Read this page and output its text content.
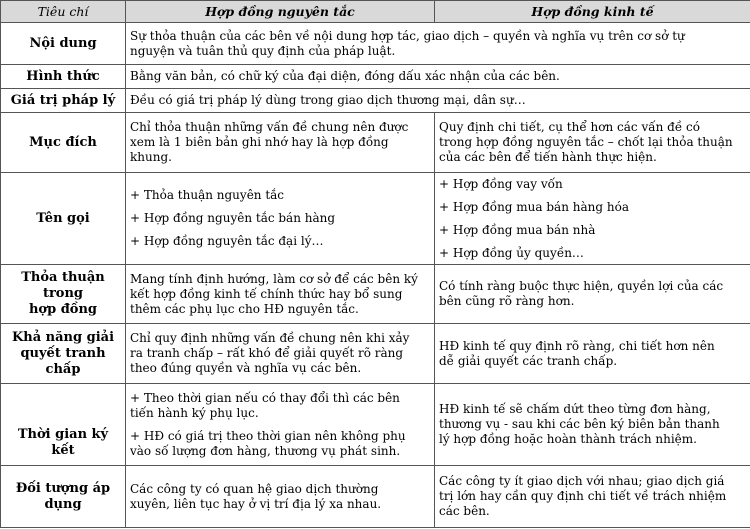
Tiêu chí	Hợp đồng nguyên tắc	Hợp đồng kinh tế
Nội dung	Sự thỏa thuận của các bên về nội dung hợp tác, giao dịch – quyền và nghĩa vụ trên cơ sở tự
nguyện và tuân thủ quy định của pháp luật.	

Hình thức	Bằng văn bản, có chữ ký của đại diện, đóng dấu xác nhận của các bên.	

Giá trị pháp lý	Đều có giá trị pháp lý dùng trong giao dịch thương mại, dân sự…	

Mục đích	Chỉ thỏa thuận những vấn đề chung nên được
xem là 1 biên bản ghi nhớ hay là hợp đồng
khung.	Quy định chi tiết, cụ thể hơn các vấn đề có
trong hợp đồng nguyên tắc – chốt lại thỏa thuận
của các bên để tiến hành thực hiện.

Tên gọi	+ Thỏa thuận nguyên tắc
+ Hợp đồng nguyên tắc bán hàng
+ Hợp đồng nguyên tắc đại lý…	+ Hợp đồng vay vốn
+ Hợp đồng mua bán hàng hóa
+ Hợp đồng mua bán nhà
+ Hợp đồng ủy quyền…

Thỏa thuận trong
hợp đồng	Mang tính định hướng, làm cơ sở để các bên ký
kết hợp đồng kinh tế chính thức hay bổ sung
thêm các phụ lục cho HĐ nguyên tắc.	Có tính ràng buộc thực hiện, quyền lợi của các
bên cũng rõ ràng hơn.

Khả năng giải
quyết tranh chấp	Chỉ quy định những vấn đề chung nên khi xảy
ra tranh chấp – rất khó để giải quyết rõ ràng
theo đúng quyền và nghĩa vụ các bên.	HĐ kinh tế quy định rõ ràng, chi tiết hơn nên
dễ giải quyết các tranh chấp.

Thời gian ký kết	+ Theo thời gian nếu có thay đổi thì các bên
tiến hành ký phụ lục.
+ HĐ có giá trị theo thời gian nên không phụ
vào số lượng đơn hàng, thương vụ phát sinh.	HĐ kinh tế sẽ chấm dứt theo từng đơn hàng,
thương vụ - sau khi các bên ký biên bản thanh
lý hợp đồng hoặc hoàn thành trách nhiệm.

Đối tượng áp
dụng	Các công ty có quan hệ giao dịch thường
xuyên, liên tục hay ở vị trí địa lý xa nhau.	Các công ty ít giao dịch với nhau; giao dịch giá
trị lớn hay cần quy định chi tiết về trách nhiệm
các bên.
